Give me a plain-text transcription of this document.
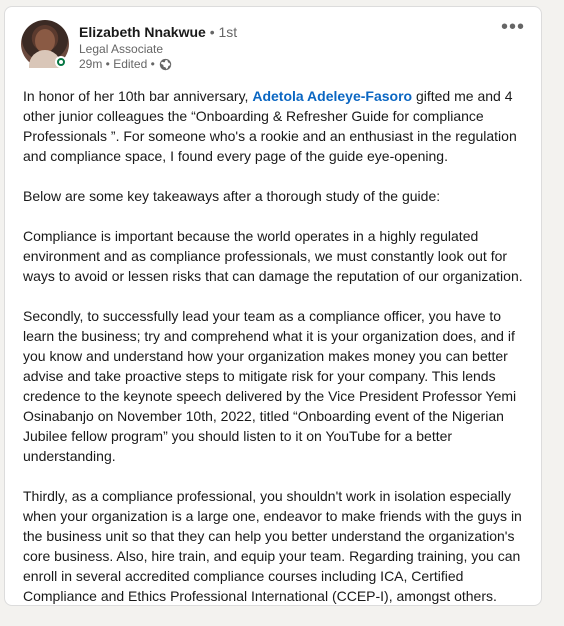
Elizabeth Nnakwue • 1st
Legal Associate
29m • Edited •
•••

In honor of her 10th bar anniversary, Adetola Adeleye-Fasoro gifted me and 4 other junior colleagues the “Onboarding & Refresher Guide for compliance Professionals ”. For someone who's a rookie and an enthusiast in the regulation and compliance space, I found every page of the guide eye-opening.

Below are some key takeaways after a thorough study of the guide:

Compliance is important because the world operates in a highly regulated environment and as compliance professionals, we must constantly look out for ways to avoid or lessen risks that can damage the reputation of our organization.

Secondly, to successfully lead your team as a compliance officer, you have to learn the business; try and comprehend what it is your organization does, and if you know and understand how your organization makes money you can better advise and take proactive steps to mitigate risk for your company. This lends credence to the keynote speech delivered by the Vice President Professor Yemi Osinabanjo on November 10th, 2022, titled “Onboarding event of the Nigerian Jubilee fellow program” you should listen to it on YouTube for a better understanding.

Thirdly, as a compliance professional, you shouldn't work in isolation especially when your organization is a large one, endeavor to make friends with the guys in the business unit so that they can help you better understand the organization's core business. Also, hire train, and equip your team. Regarding training, you can enroll in several accredited compliance courses including ICA, Certified Compliance and Ethics Professional International (CCEP-I), amongst others.
